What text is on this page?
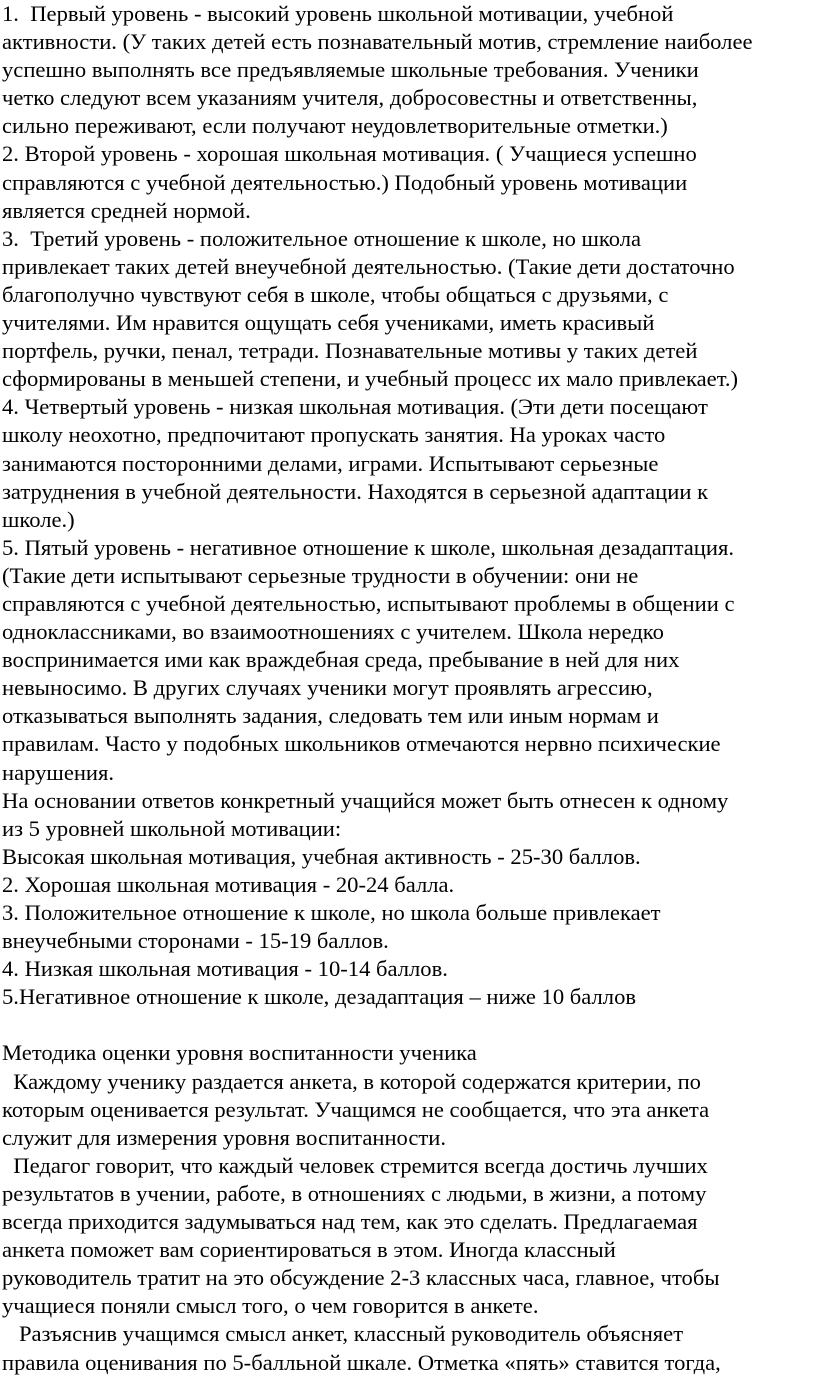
1.  Первый уровень - высокий уровень школьной мотивации, учебной
активности. (У таких детей есть познавательный мотив, стремление наиболее
успешно выполнять все предъявляемые школьные требования. Ученики
четко следуют всем указаниям учителя, добросовестны и ответственны,
сильно переживают, если получают неудовлетворительные отметки.)
2. Второй уровень - хорошая школьная мотивация. ( Учащиеся успешно
справляются с учебной деятельностью.) Подобный уровень мотивации
является средней нормой.
3.  Третий уровень - положительное отношение к школе, но школа
привлекает таких детей внеучебной деятельностью. (Такие дети достаточно
благополучно чувствуют себя в школе, чтобы общаться с друзьями, с
учителями. Им нравится ощущать себя учениками, иметь красивый
портфель, ручки, пенал, тетради. Познавательные мотивы у таких детей
сформированы в меньшей степени, и учебный процесс их мало привлекает.)
4. Четвертый уровень - низкая школьная мотивация. (Эти дети посещают
школу неохотно, предпочитают пропускать занятия. На уроках часто
занимаются посторонними делами, играми. Испытывают серьезные
затруднения в учебной деятельности. Находятся в серьезной адаптации к
школе.)
5. Пятый уровень - негативное отношение к школе, школьная дезадаптация.
(Такие дети испытывают серьезные трудности в обучении: они не
справляются с учебной деятельностью, испытывают проблемы в общении с
одноклассниками, во взаимоотношениях с учителем. Школа нередко
воспринимается ими как враждебная среда, пребывание в ней для них
невыносимо. В других случаях ученики могут проявлять агрессию,
отказываться выполнять задания, следовать тем или иным нормам и
правилам. Часто у подобных школьников отмечаются нервно психические
нарушения.
На основании ответов конкретный учащийся может быть отнесен к одному
из 5 уровней школьной мотивации:
Высокая школьная мотивация, учебная активность - 25-30 баллов.
2. Хорошая школьная мотивация - 20-24 балла.
3. Положительное отношение к школе, но школа больше привлекает
внеучебными сторонами - 15-19 баллов.
4. Низкая школьная мотивация - 10-14 баллов.
5.Негативное отношение к школе, дезадаптация – ниже 10 баллов
Методика оценки уровня воспитанности ученика
Каждому ученику раздается анкета, в которой содержатся критерии, по
которым оценивается результат. Учащимся не сообщается, что эта анкета
служит для измерения уровня воспитанности.
Педагог говорит, что каждый человек стремится всегда достичь лучших
результатов в учении, работе, в отношениях с людьми, в жизни, а потому
всегда приходится задумываться над тем, как это сделать. Предлагаемая
анкета поможет вам сориентироваться в этом. Иногда классный
руководитель тратит на это обсуждение 2-3 классных часа, главное, чтобы
учащиеся поняли смысл того, о чем говорится в анкете.
Разъяснив учащимся смысл анкет, классный руководитель объясняет
правила оценивания по 5-балльной шкале. Отметка «пять» ставится тогда,
